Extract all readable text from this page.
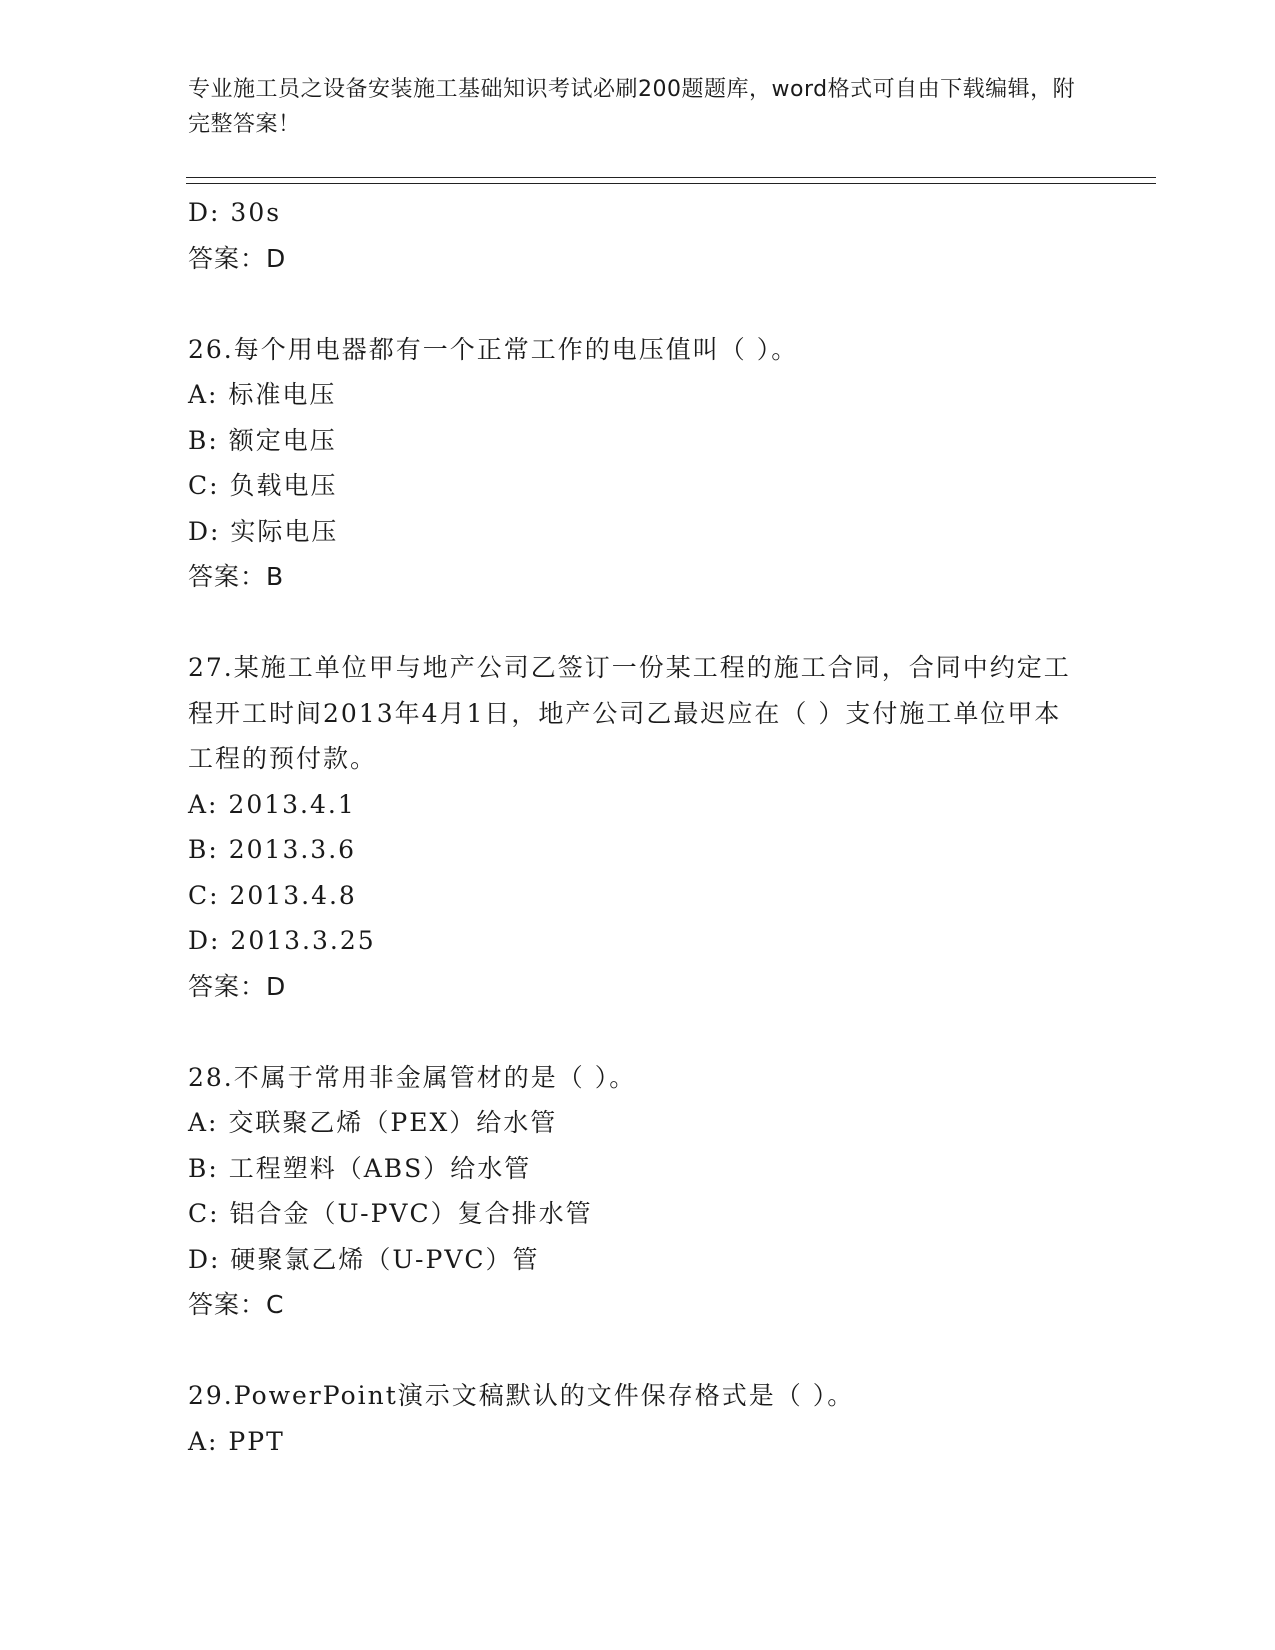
专业施工员之设备安装施工基础知识考试必刷200题题库，word格式可自由下载编辑，附完整答案！
D: 30s
答案：D
26.每个用电器都有一个正常工作的电压值叫（ ）。
A: 标准电压
B: 额定电压
C: 负载电压
D: 实际电压
答案：B
27.某施工单位甲与地产公司乙签订一份某工程的施工合同，合同中约定工程开工时间2013年4月1日，地产公司乙最迟应在（ ）支付施工单位甲本工程的预付款。
A: 2013.4.1
B: 2013.3.6
C: 2013.4.8
D: 2013.3.25
答案：D
28.不属于常用非金属管材的是（ ）。
A: 交联聚乙烯（PEX）给水管
B: 工程塑料（ABS）给水管
C: 铝合金（U-PVC）复合排水管
D: 硬聚氯乙烯（U-PVC）管
答案：C
29.PowerPoint演示文稿默认的文件保存格式是（ ）。
A: PPT
